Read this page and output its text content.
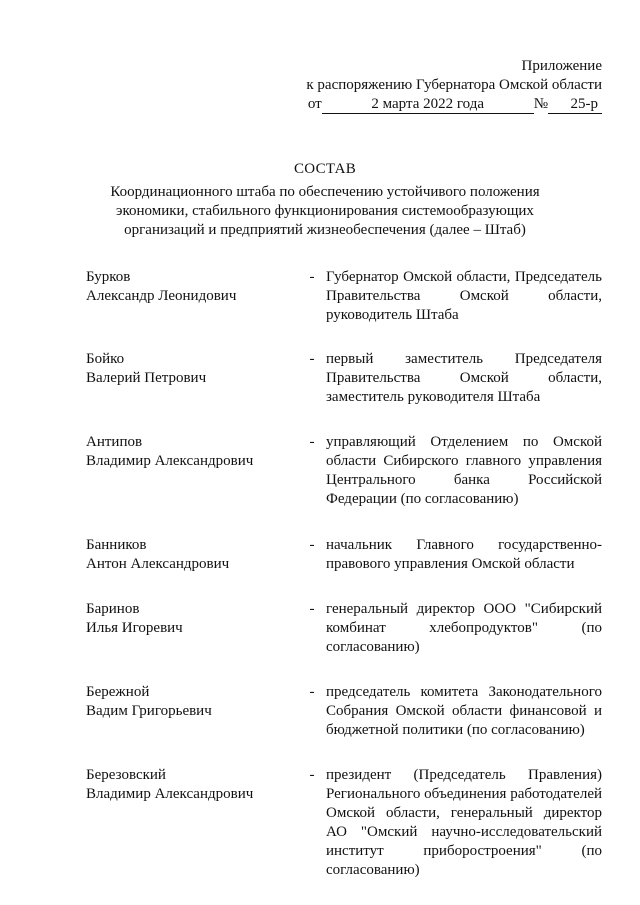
Приложение
к распоряжению Губернатора Омской области
от	2 марта 2022 года	№	25-р
СОСТАВ
Координационного штаба по обеспечению устойчивого положения экономики, стабильного функционирования системообразующих организаций и предприятий жизнеобеспечения (далее – Штаб)
Бурков
Александр Леонидович
- Губернатор Омской области, Председатель Правительства Омской области, руководитель Штаба
Бойко
Валерий Петрович
- первый заместитель Председателя Правительства Омской области, заместитель руководителя Штаба
Антипов
Владимир Александрович
- управляющий Отделением по Омской области Сибирского главного управления Центрального банка Российской Федерации (по согласованию)
Банников
Антон Александрович
- начальник Главного государственно-правового управления Омской области
Баринов
Илья Игоревич
- генеральный директор ООО "Сибирский комбинат хлебопродуктов" (по согласованию)
Бережной
Вадим Григорьевич
- председатель комитета Законодательного Собрания Омской области финансовой и бюджетной политики (по согласованию)
Березовский
Владимир Александрович
- президент (Председатель Правления) Регионального объединения работодателей Омской области, генеральный директор АО "Омский научно-исследовательский институт приборостроения" (по согласованию)
